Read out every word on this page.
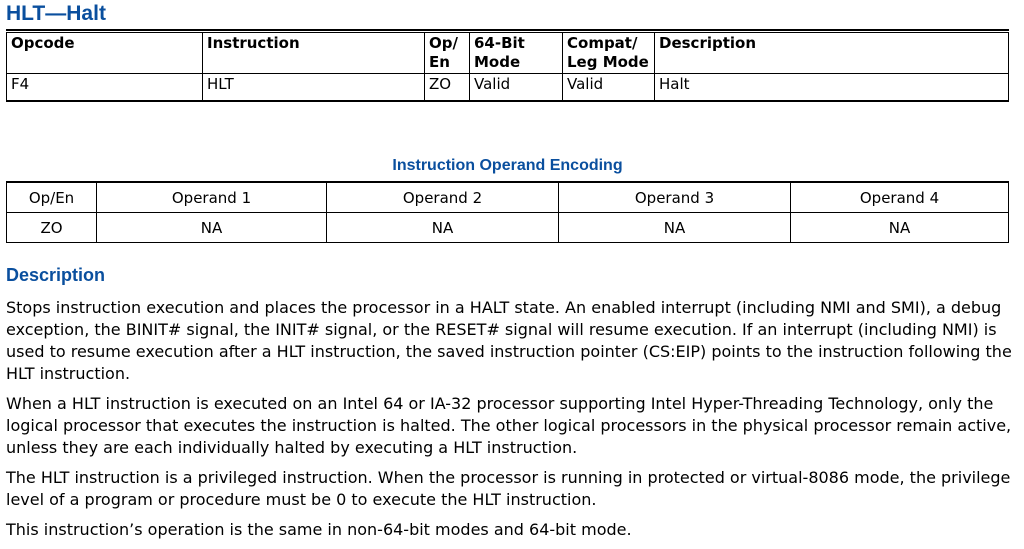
HLT—Halt
Opcode	Instruction	Op/ En	64-Bit Mode	Compat/ Leg Mode	Description
F4	HLT	ZO	Valid	Valid	Halt
Instruction Operand Encoding
Op/En	Operand 1	Operand 2	Operand 3	Operand 4
ZO	NA	NA	NA	NA
Description

Stops instruction execution and places the processor in a HALT state. An enabled interrupt (including NMI and SMI), a debug exception, the BINIT# signal, the INIT# signal, or the RESET# signal will resume execution. If an interrupt (including NMI) is used to resume execution after a HLT instruction, the saved instruction pointer (CS:EIP) points to the instruction following the HLT instruction.

When a HLT instruction is executed on an Intel 64 or IA-32 processor supporting Intel Hyper-Threading Technology, only the logical processor that executes the instruction is halted. The other logical processors in the physical processor remain active, unless they are each individually halted by executing a HLT instruction.

The HLT instruction is a privileged instruction. When the processor is running in protected or virtual-8086 mode, the privilege level of a program or procedure must be 0 to execute the HLT instruction.

This instruction’s operation is the same in non-64-bit modes and 64-bit mode.
